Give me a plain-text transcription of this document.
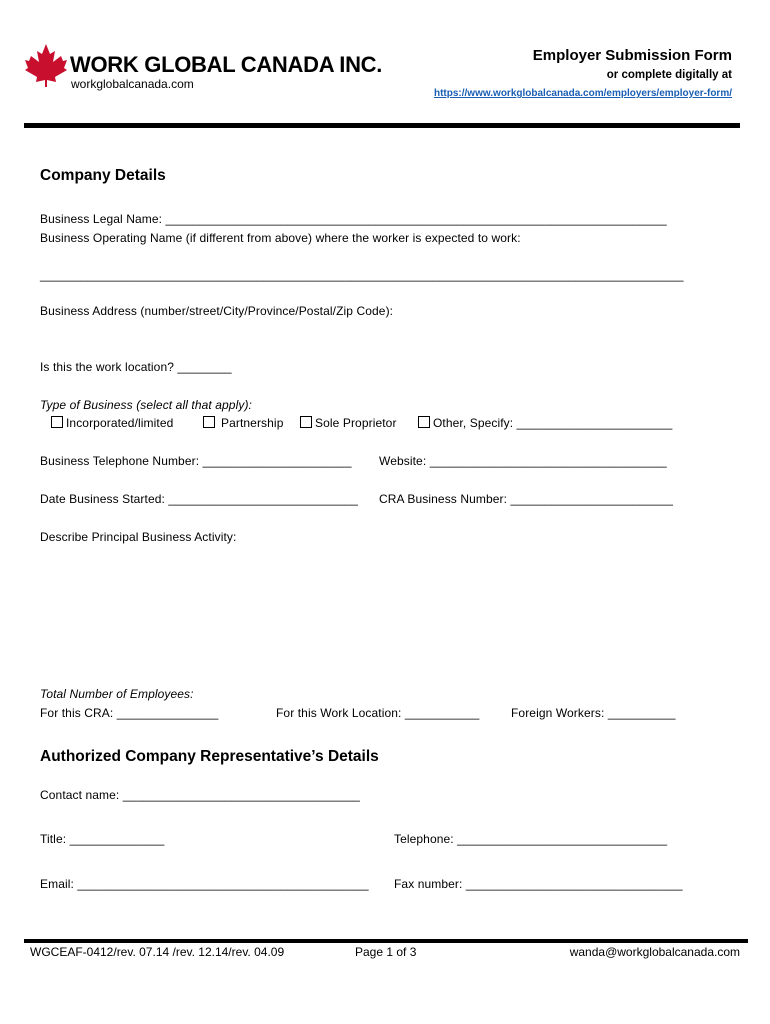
WORK GLOBAL CANADA INC.
workglobalcanada.com
Employer Submission Form
or complete digitally at
https://www.workglobalcanada.com/employers/employer-form/
Company Details
Business Legal Name: __________________________________________________________________________
Business Operating Name (if different from above) where the worker is expected to work:
_______________________________________________________________________________________________
Business Address (number/street/City/Province/Postal/Zip Code):
Is this the work location? ________
Type of Business (select all that apply):
Incorporated/limited	Partnership	Sole Proprietor	Other, Specify: _______________________
Business Telephone Number: ______________________ Website: ___________________________________
Date Business Started: ____________________________ CRA Business Number: ________________________
Describe Principal Business Activity:
Total Number of Employees:
For this CRA: _______________	For this Work Location: ___________	Foreign Workers: __________
Authorized Company Representative’s Details
Contact name: ___________________________________
Title: ______________	Telephone: _______________________________
Email: ___________________________________________ Fax number: ________________________________
WGCEAF-0412/rev. 07.14 /rev. 12.14/rev. 04.09	Page 1 of 3	wanda@workglobalcanada.com
